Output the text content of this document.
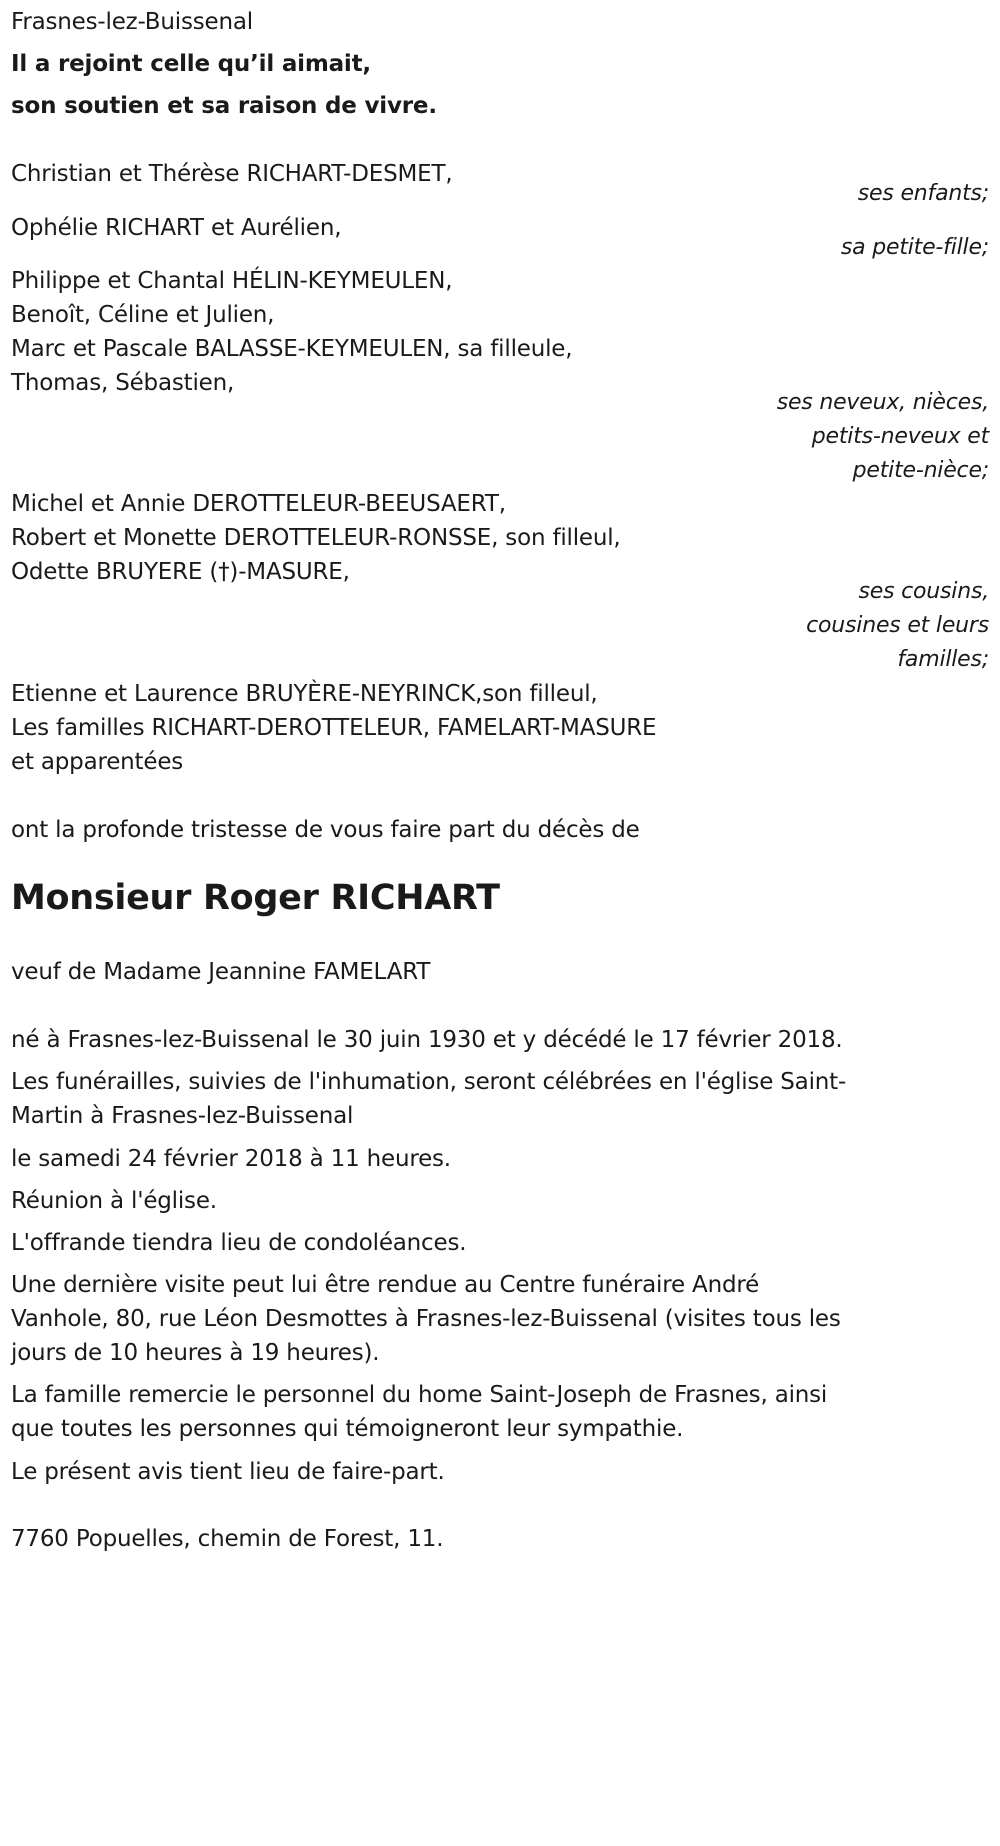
Frasnes-lez-Buissenal
Il a rejoint celle qu’il aimait,
son soutien et sa raison de vivre.
Christian et Thérèse RICHART-DESMET,
ses enfants;
Ophélie RICHART et Aurélien,
sa petite-fille;
Philippe et Chantal HÉLIN-KEYMEULEN,
Benoît, Céline et Julien,
Marc et Pascale BALASSE-KEYMEULEN, sa filleule,
Thomas, Sébastien,
ses neveux, nièces,
petits-neveux et
petite-nièce;
Michel et Annie DEROTTELEUR-BEEUSAERT,
Robert et Monette DEROTTELEUR-RONSSE, son filleul,
Odette BRUYERE (†)-MASURE,
ses cousins,
cousines et leurs
familles;
Etienne et Laurence BRUYÈRE-NEYRINCK,son filleul,
Les familles RICHART-DEROTTELEUR, FAMELART-MASURE
et apparentées
ont la profonde tristesse de vous faire part du décès de
Monsieur Roger RICHART
veuf de Madame Jeannine FAMELART
né à Frasnes-lez-Buissenal le 30 juin 1930 et y décédé le 17 février 2018.
Les funérailles, suivies de l'inhumation, seront célébrées en l'église Saint-
Martin à Frasnes-lez-Buissenal
le samedi 24 février 2018 à 11 heures.
Réunion à l'église.
L'offrande tiendra lieu de condoléances.
Une dernière visite peut lui être rendue au Centre funéraire André
Vanhole, 80, rue Léon Desmottes à Frasnes-lez-Buissenal (visites tous les
jours de 10 heures à 19 heures).
La famille remercie le personnel du home Saint-Joseph de Frasnes, ainsi
que toutes les personnes qui témoigneront leur sympathie.
Le présent avis tient lieu de faire-part.
7760 Popuelles, chemin de Forest, 11.
